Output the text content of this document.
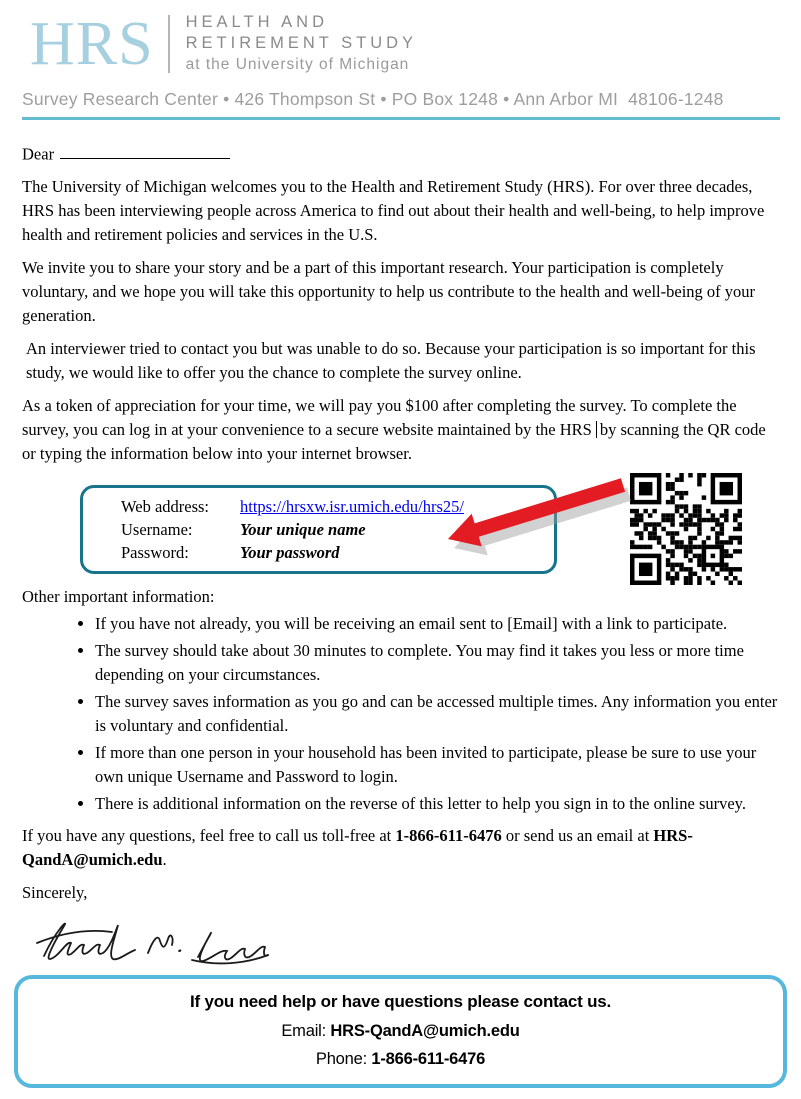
HRS HEALTH AND
RETIREMENT STUDY
at the University of Michigan
Survey Research Center • 426 Thompson St • PO Box 1248 • Ann Arbor MI  48106-1248

Dear

The University of Michigan welcomes you to the Health and Retirement Study (HRS). For over three decades, HRS has been interviewing people across America to find out about their health and well-being, to help improve health and retirement policies and services in the U.S.

We invite you to share your story and be a part of this important research. Your participation is completely voluntary, and we hope you will take this opportunity to help us contribute to the health and well-being of your generation.

An interviewer tried to contact you but was unable to do so. Because your participation is so important for this study, we would like to offer you the chance to complete the survey online.

As a token of appreciation for your time, we will pay you $100 after completing the survey. To complete the survey, you can log in at your convenience to a secure website maintained by the HRS by scanning the QR code or typing the information below into your internet browser.

Web address:	https://hrsxw.isr.umich.edu/hrs25/
Username:	Your unique name
Password:	Your password
Other important information:
• If you have not already, you will be receiving an email sent to [Email] with a link to participate.
• The survey should take about 30 minutes to complete. You may find it takes you less or more time depending on your circumstances.
• The survey saves information as you go and can be accessed multiple times. Any information you enter is voluntary and confidential.
• If more than one person in your household has been invited to participate, please be sure to use your own unique Username and Password to login.
• There is additional information on the reverse of this letter to help you sign in to the online survey.

If you have any questions, feel free to call us toll-free at 1-866-611-6476 or send us an email at HRS-QandA@umich.edu.

Sincerely,

If you need help or have questions please contact us.
Email: HRS-QandA@umich.edu
Phone: 1-866-611-6476
